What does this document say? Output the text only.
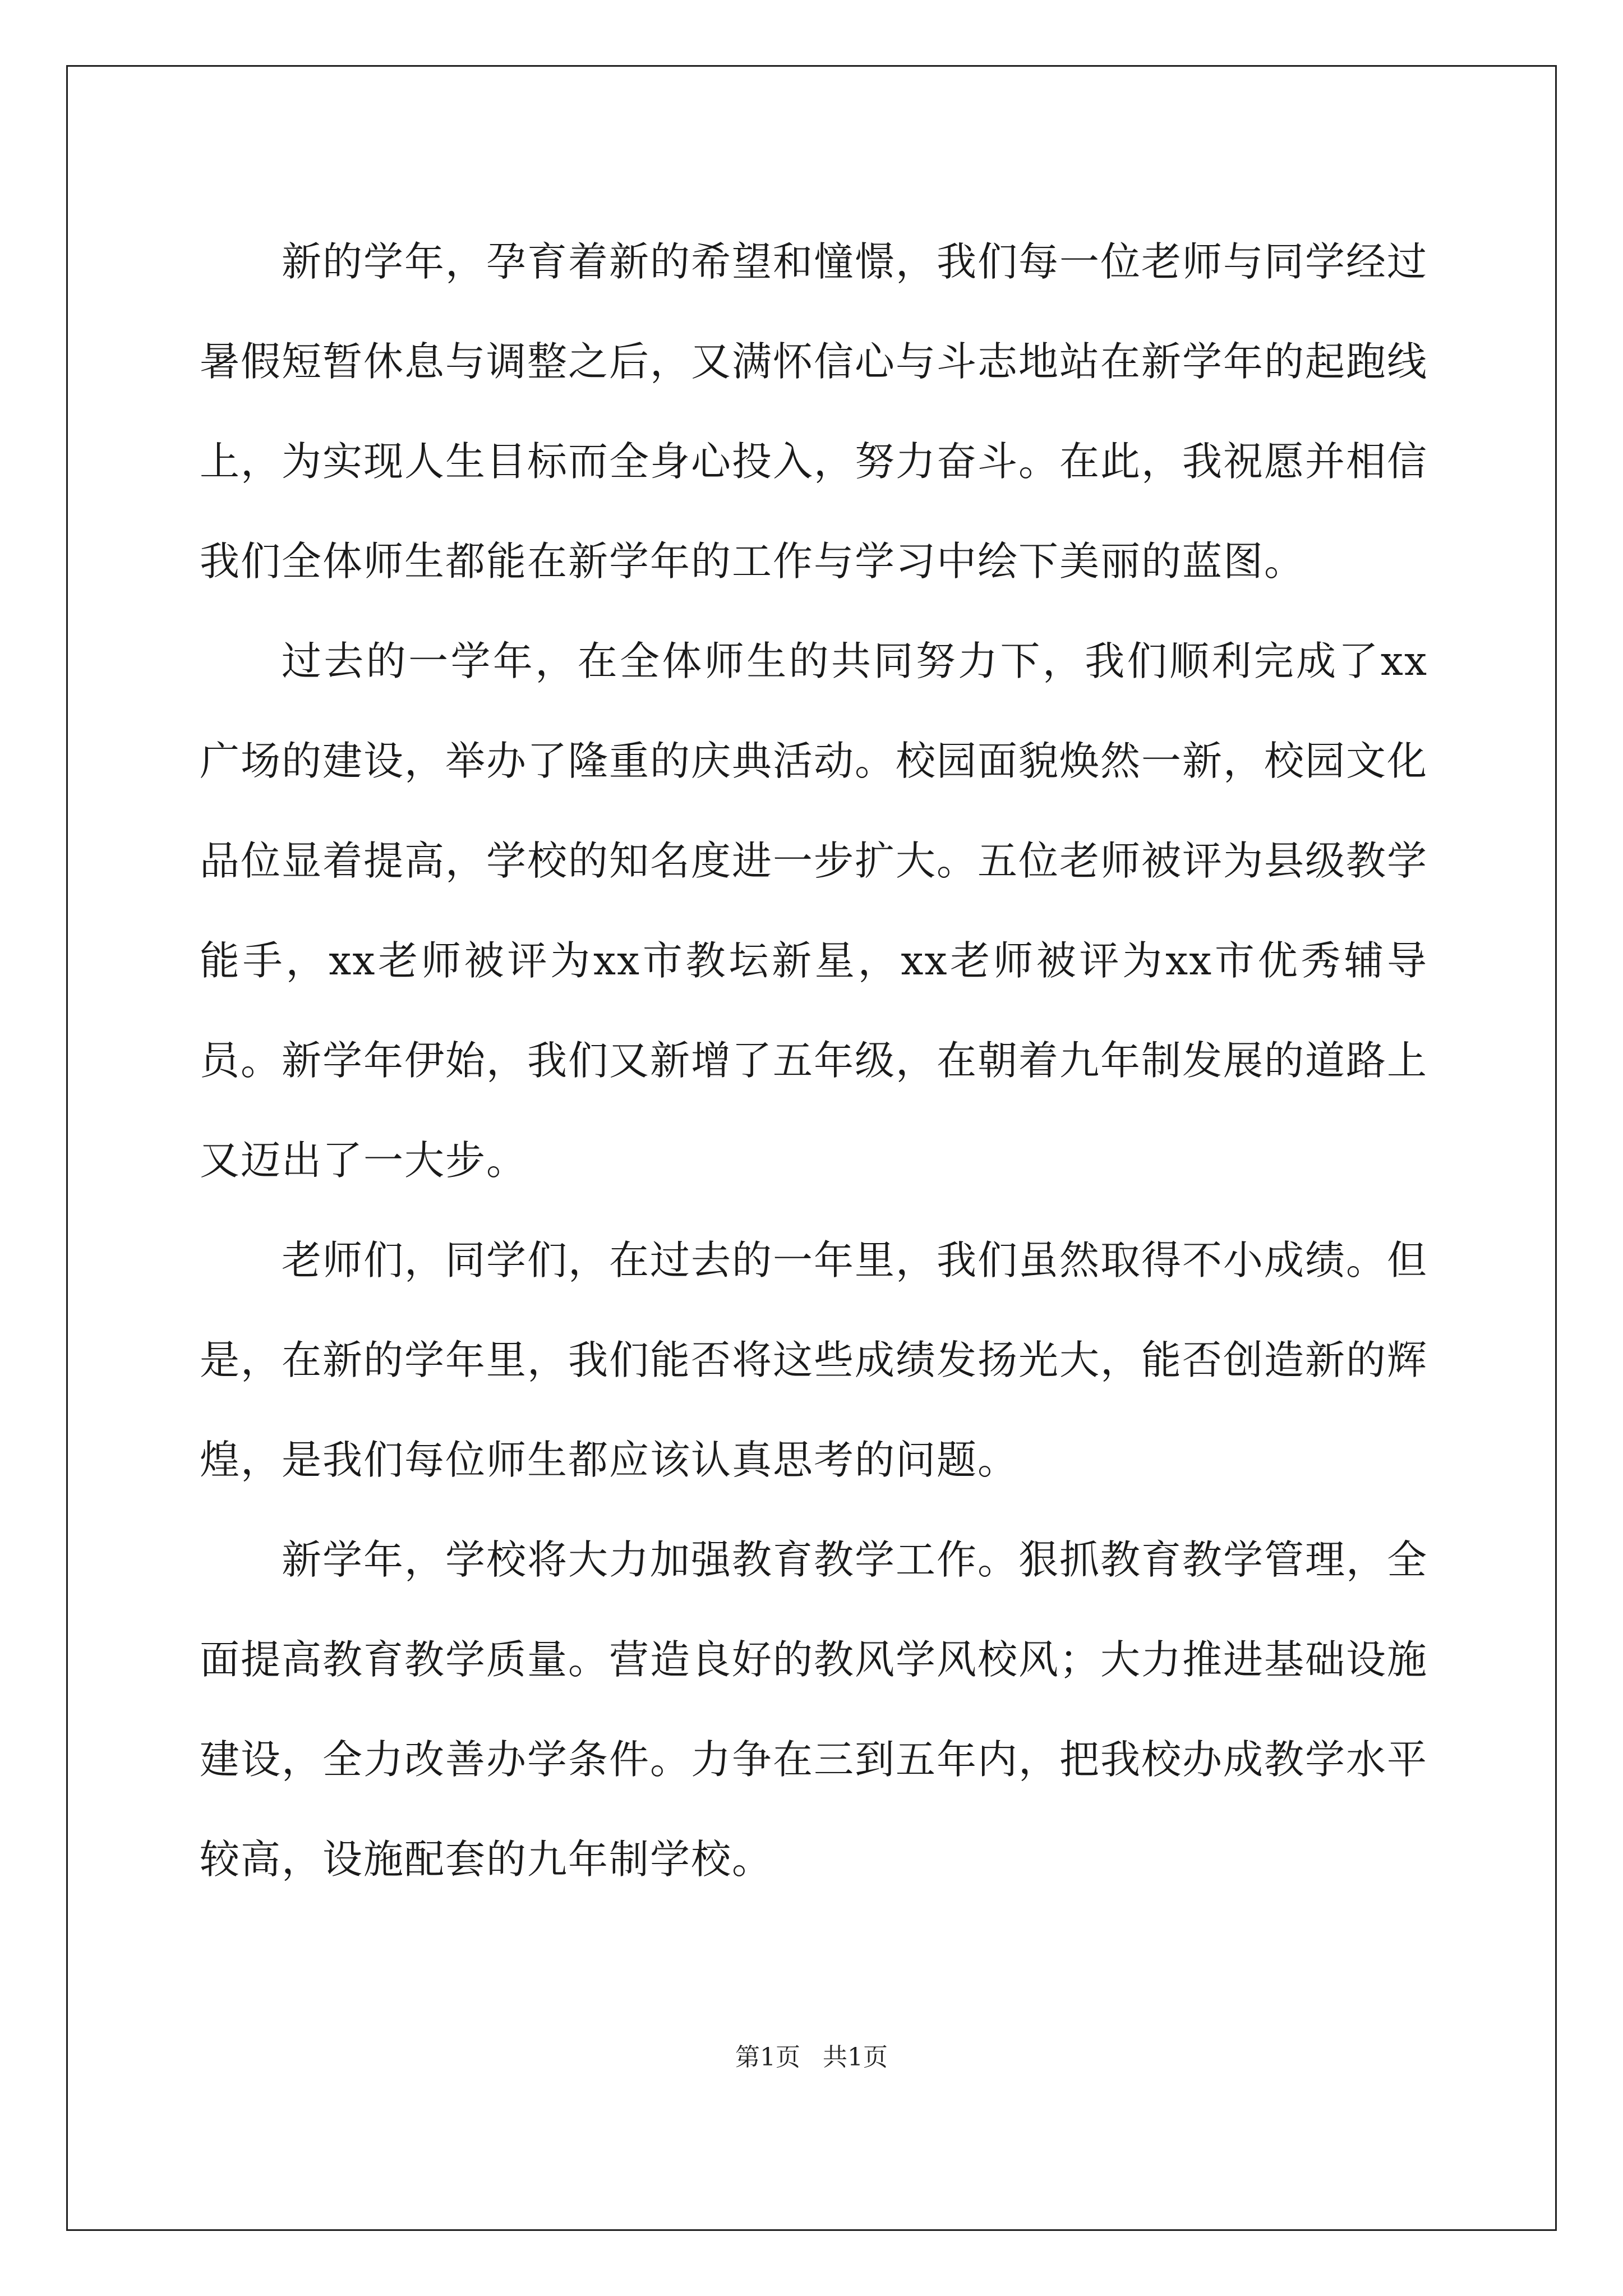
新的学年，孕育着新的希望和憧憬，我们每一位老师与同学经过暑假短暂休息与调整之后，又满怀信心与斗志地站在新学年的起跑线上，为实现人生目标而全身心投入，努力奋斗。在此，我祝愿并相信我们全体师生都能在新学年的工作与学习中绘下美丽的蓝图。

过去的一学年，在全体师生的共同努力下，我们顺利完成了xx广场的建设，举办了隆重的庆典活动。校园面貌焕然一新，校园文化品位显着提高，学校的知名度进一步扩大。五位老师被评为县级教学能手，xx老师被评为xx市教坛新星，xx老师被评为xx市优秀辅导员。新学年伊始，我们又新增了五年级，在朝着九年制发展的道路上又迈出了一大步。

老师们，同学们，在过去的一年里，我们虽然取得不小成绩。但是，在新的学年里，我们能否将这些成绩发扬光大，能否创造新的辉煌，是我们每位师生都应该认真思考的问题。

新学年，学校将大力加强教育教学工作。狠抓教育教学管理，全面提高教育教学质量。营造良好的教风学风校风；大力推进基础设施建设，全力改善办学条件。力争在三到五年内，把我校办成教学水平较高，设施配套的九年制学校。

第1页 共1页
